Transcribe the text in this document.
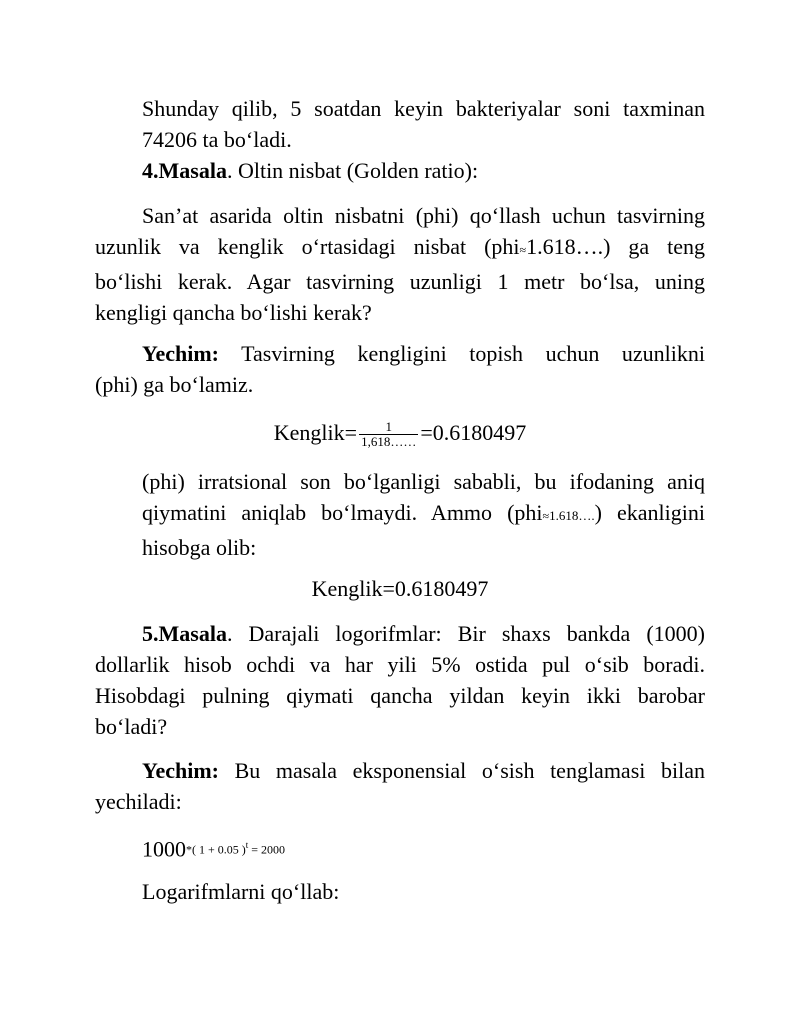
Shunday qilib, 5 soatdan keyin bakteriyalar soni taxminan
74206 ta bo‘ladi.

4.Masala. Oltin nisbat (Golden ratio):

San’at asarida oltin nisbatni (phi) qo‘llash uchun tasvirning
uzunlik va kenglik o‘rtasidagi nisbat (phi≈1.618….) ga teng
bo‘lishi kerak. Agar tasvirning uzunligi 1 metr bo‘lsa, uning
kengligi qancha bo‘lishi kerak?

Yechim: Tasvirning kengligini topish uchun uzunlikni
(phi) ga bo‘lamiz.

Kenglik= $\frac{1}{1,618\dots\dots} =0.6180497$

(phi) irratsional son bo‘lganligi sababli, bu ifodaning aniq
qiymatini aniqlab bo‘lmaydi. Ammo (phi≈1.618….) ekanligini
hisobga olib:

Kenglik=0.6180497

5.Masala. Darajali logorifmlar: Bir shaxs bankda (1000)
dollarlik hisob ochdi va har yili 5% ostida pul o‘sib boradi.
Hisobdagi pulning qiymati qancha yildan keyin ikki barobar
bo‘ladi?

Yechim: Bu masala eksponensial o‘sish tenglamasi bilan
yechiladi:

1000*( 1 + 0.05 )$^t$ = 2000

Logarifmlarni qo‘llab:
